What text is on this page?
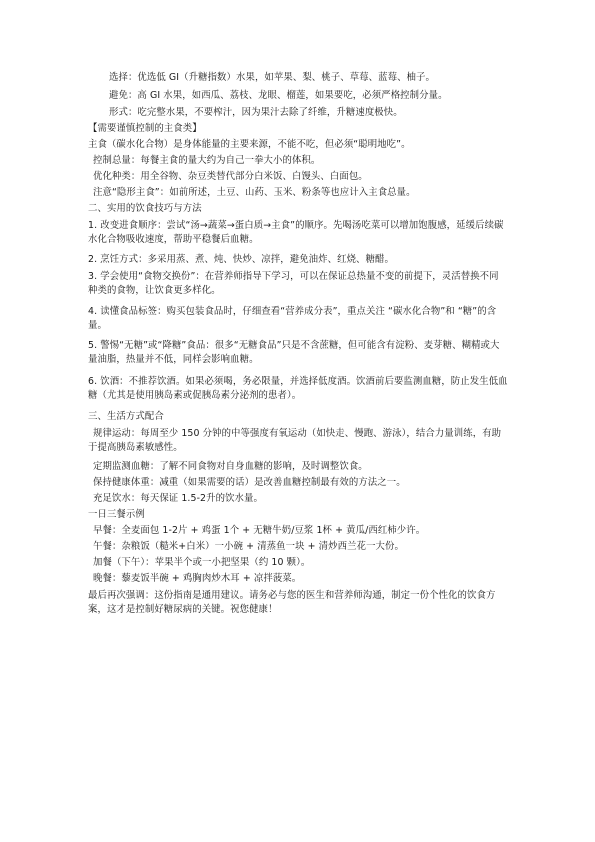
选择：优选低 GI（升糖指数）水果，如苹果、梨、桃子、草莓、蓝莓、柚子。
避免：高 GI 水果，如西瓜、荔枝、龙眼、榴莲，如果要吃，必须严格控制分量。
形式：吃完整水果，不要榨汁，因为果汁去除了纤维，升糖速度极快。
【需要谨慎控制的主食类】
主食（碳水化合物）是身体能量的主要来源，不能不吃，但必须“聪明地吃”。
控制总量：每餐主食的量大约为自己一拳大小的体积。
优化种类：用全谷物、杂豆类替代部分白米饭、白馒头、白面包。
注意“隐形主食”：如前所述，土豆、山药、玉米、粉条等也应计入主食总量。
二、实用的饮食技巧与方法
1. 改变进食顺序：尝试“汤→蔬菜→蛋白质→主食”的顺序。先喝汤吃菜可以增加饱腹感，延缓后续碳水化合物吸收速度，帮助平稳餐后血糖。
2. 烹饪方式：多采用蒸、煮、炖、快炒、凉拌，避免油炸、红烧、糖醋。
3. 学会使用“食物交换份”：在营养师指导下学习，可以在保证总热量不变的前提下，灵活替换不同种类的食物，让饮食更多样化。
4. 读懂食品标签：购买包装食品时，仔细查看“营养成分表”，重点关注 “碳水化合物”和 “糖”的含量。
5. 警惕“无糖”或“降糖”食品：很多“无糖食品”只是不含蔗糖，但可能含有淀粉、麦芽糖、糊精或大量油脂，热量并不低，同样会影响血糖。
6. 饮酒：不推荐饮酒。如果必须喝，务必限量，并选择低度酒。饮酒前后要监测血糖，防止发生低血糖（尤其是使用胰岛素或促胰岛素分泌剂的患者）。
三、生活方式配合
规律运动：每周至少 150 分钟的中等强度有氧运动（如快走、慢跑、游泳），结合力量训练，有助于提高胰岛素敏感性。
定期监测血糖：了解不同食物对自身血糖的影响，及时调整饮食。
保持健康体重：减重（如果需要的话）是改善血糖控制最有效的方法之一。
充足饮水：每天保证 1.5-2升的饮水量。
一日三餐示例
早餐：全麦面包 1-2片 + 鸡蛋 1个 + 无糖牛奶/豆浆 1杯 + 黄瓜/西红柿少许。
午餐：杂粮饭（糙米+白米）一小碗 + 清蒸鱼一块 + 清炒西兰花一大份。
加餐（下午）：苹果半个或一小把坚果（约 10 颗）。
晚餐：藜麦饭半碗 + 鸡胸肉炒木耳 + 凉拌菠菜。
最后再次强调：这份指南是通用建议。请务必与您的医生和营养师沟通，制定一份个性化的饮食方案，这才是控制好糖尿病的关键。祝您健康！
